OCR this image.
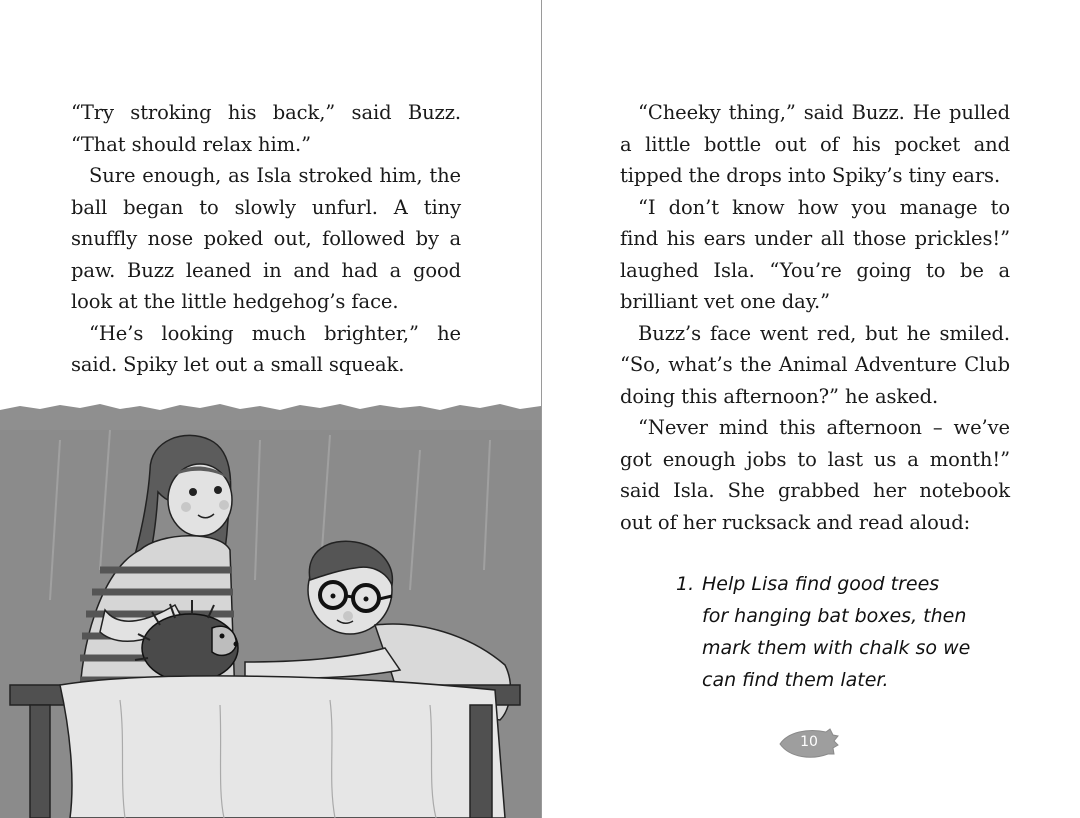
“Try stroking his back,” said Buzz. “That should relax him.”

Sure enough, as Isla stroked him, the ball began to slowly unfurl. A tiny snuffly nose poked out, followed by a paw. Buzz leaned in and had a good look at the little hedgehog’s face.

“He’s looking much brighter,” he said. Spiky let out a small squeak.

“Cheeky thing,” said Buzz. He pulled a little bottle out of his pocket and tipped the drops into Spiky’s tiny ears.

“I don’t know how you manage to find his ears under all those prickles!” laughed Isla. “You’re going to be a brilliant vet one day.”

Buzz’s face went red, but he smiled. “So, what’s the Animal Adventure Club doing this afternoon?” he asked.

“Never mind this afternoon – we’ve got enough jobs to last us a month!” said Isla. She grabbed her notebook out of her rucksack and read aloud:

1. Help Lisa find good trees
for hanging bat boxes, then
mark them with chalk so we
can find them later.
10
